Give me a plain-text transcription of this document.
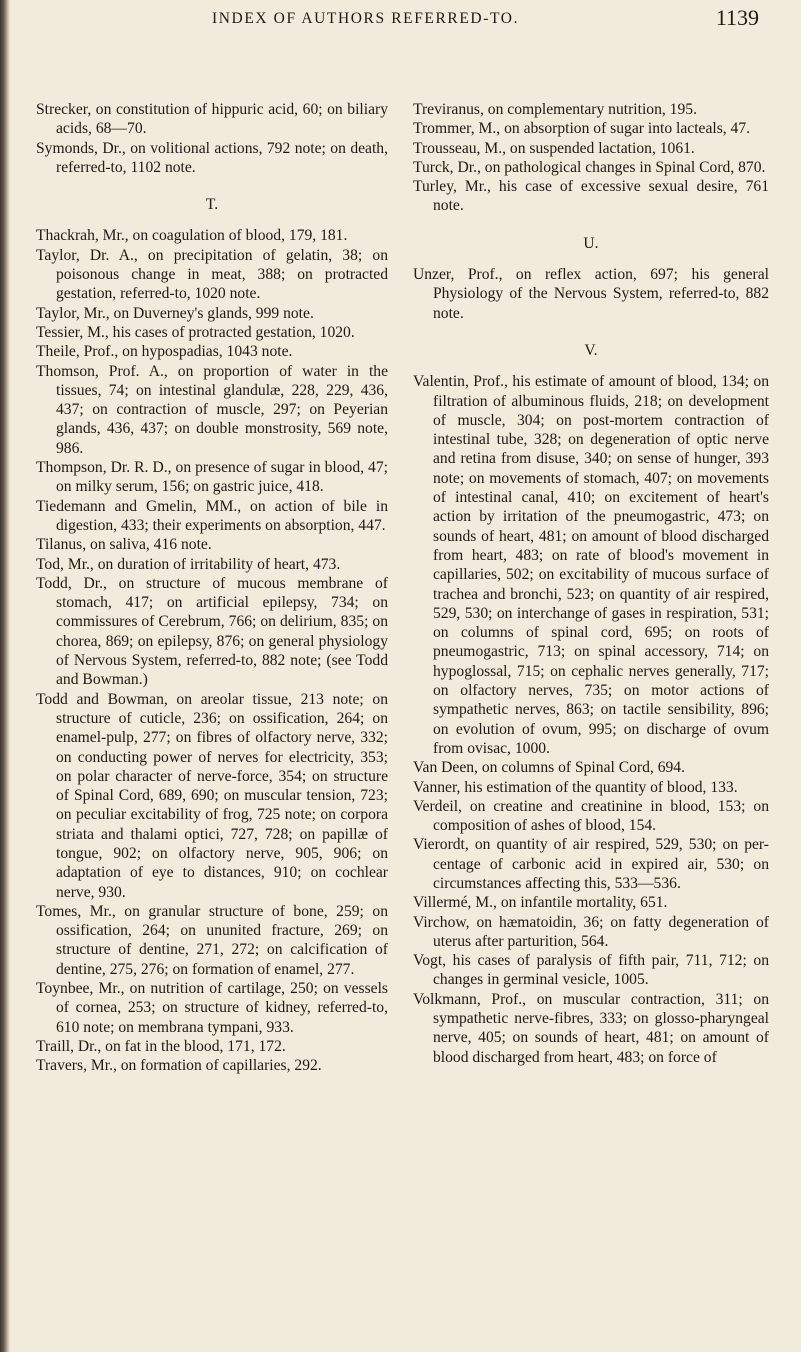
INDEX OF AUTHORS REFERRED-TO.	1139

Strecker, on constitution of hippuric acid, 60; on biliary acids, 68—70.

Symonds, Dr., on volitional actions, 792 note; on death, referred-to, 1102 note.

T.

Thackrah, Mr., on coagulation of blood, 179, 181.

Taylor, Dr. A., on precipitation of gelatin, 38; on poisonous change in meat, 388; on protracted gestation, referred-to, 1020 note.

Taylor, Mr., on Duverney's glands, 999 note.

Tessier, M., his cases of protracted gestation, 1020.

Theile, Prof., on hypospadias, 1043 note.

Thomson, Prof. A., on proportion of water in the tissues, 74; on intestinal glandulæ, 228, 229, 436, 437; on contraction of muscle, 297; on Peyerian glands, 436, 437; on double monstrosity, 569 note, 986.

Thompson, Dr. R. D., on presence of sugar in blood, 47; on milky serum, 156; on gastric juice, 418.

Tiedemann and Gmelin, MM., on action of bile in digestion, 433; their experiments on absorption, 447.

Tilanus, on saliva, 416 note.

Tod, Mr., on duration of irritability of heart, 473.

Todd, Dr., on structure of mucous membrane of stomach, 417; on artificial epilepsy, 734; on commissures of Cerebrum, 766; on delirium, 835; on chorea, 869; on epilepsy, 876; on general physiology of Nervous System, referred-to, 882 note; (see Todd and Bowman.)

Todd and Bowman, on areolar tissue, 213 note; on structure of cuticle, 236; on ossification, 264; on enamel-pulp, 277; on fibres of olfactory nerve, 332; on conducting power of nerves for electricity, 353; on polar character of nerve-force, 354; on structure of Spinal Cord, 689, 690; on muscular tension, 723; on peculiar excitability of frog, 725 note; on corpora striata and thalami optici, 727, 728; on papillæ of tongue, 902; on olfactory nerve, 905, 906; on adaptation of eye to distances, 910; on cochlear nerve, 930.

Tomes, Mr., on granular structure of bone, 259; on ossification, 264; on ununited fracture, 269; on structure of dentine, 271, 272; on calcification of dentine, 275, 276; on formation of enamel, 277.

Toynbee, Mr., on nutrition of cartilage, 250; on vessels of cornea, 253; on structure of kidney, referred-to, 610 note; on membrana tympani, 933.

Traill, Dr., on fat in the blood, 171, 172.

Travers, Mr., on formation of capillaries, 292.

Treviranus, on complementary nutrition, 195.

Trommer, M., on absorption of sugar into lacteals, 47.

Trousseau, M., on suspended lactation, 1061.

Turck, Dr., on pathological changes in Spinal Cord, 870.

Turley, Mr., his case of excessive sexual desire, 761 note.

U.

Unzer, Prof., on reflex action, 697; his general Physiology of the Nervous System, referred-to, 882 note.

V.

Valentin, Prof., his estimate of amount of blood, 134; on filtration of albuminous fluids, 218; on development of muscle, 304; on post-mortem contraction of intestinal tube, 328; on degeneration of optic nerve and retina from disuse, 340; on sense of hunger, 393 note; on movements of stomach, 407; on movements of intestinal canal, 410; on excitement of heart's action by irritation of the pneumogastric, 473; on sounds of heart, 481; on amount of blood discharged from heart, 483; on rate of blood's movement in capillaries, 502; on excitability of mucous surface of trachea and bronchi, 523; on quantity of air respired, 529, 530; on interchange of gases in respiration, 531; on columns of spinal cord, 695; on roots of pneumogastric, 713; on spinal accessory, 714; on hypoglossal, 715; on cephalic nerves generally, 717; on olfactory nerves, 735; on motor actions of sympathetic nerves, 863; on tactile sensibility, 896; on evolution of ovum, 995; on discharge of ovum from ovisac, 1000.

Van Deen, on columns of Spinal Cord, 694.

Vanner, his estimation of the quantity of blood, 133.

Verdeil, on creatine and creatinine in blood, 153; on composition of ashes of blood, 154.

Vierordt, on quantity of air respired, 529, 530; on per-centage of carbonic acid in expired air, 530; on circumstances affecting this, 533—536.

Villermé, M., on infantile mortality, 651.

Virchow, on hæmatoidin, 36; on fatty degeneration of uterus after parturition, 564.

Vogt, his cases of paralysis of fifth pair, 711, 712; on changes in germinal vesicle, 1005.

Volkmann, Prof., on muscular contraction, 311; on sympathetic nerve-fibres, 333; on glosso-pharyngeal nerve, 405; on sounds of heart, 481; on amount of blood discharged from heart, 483; on force of
